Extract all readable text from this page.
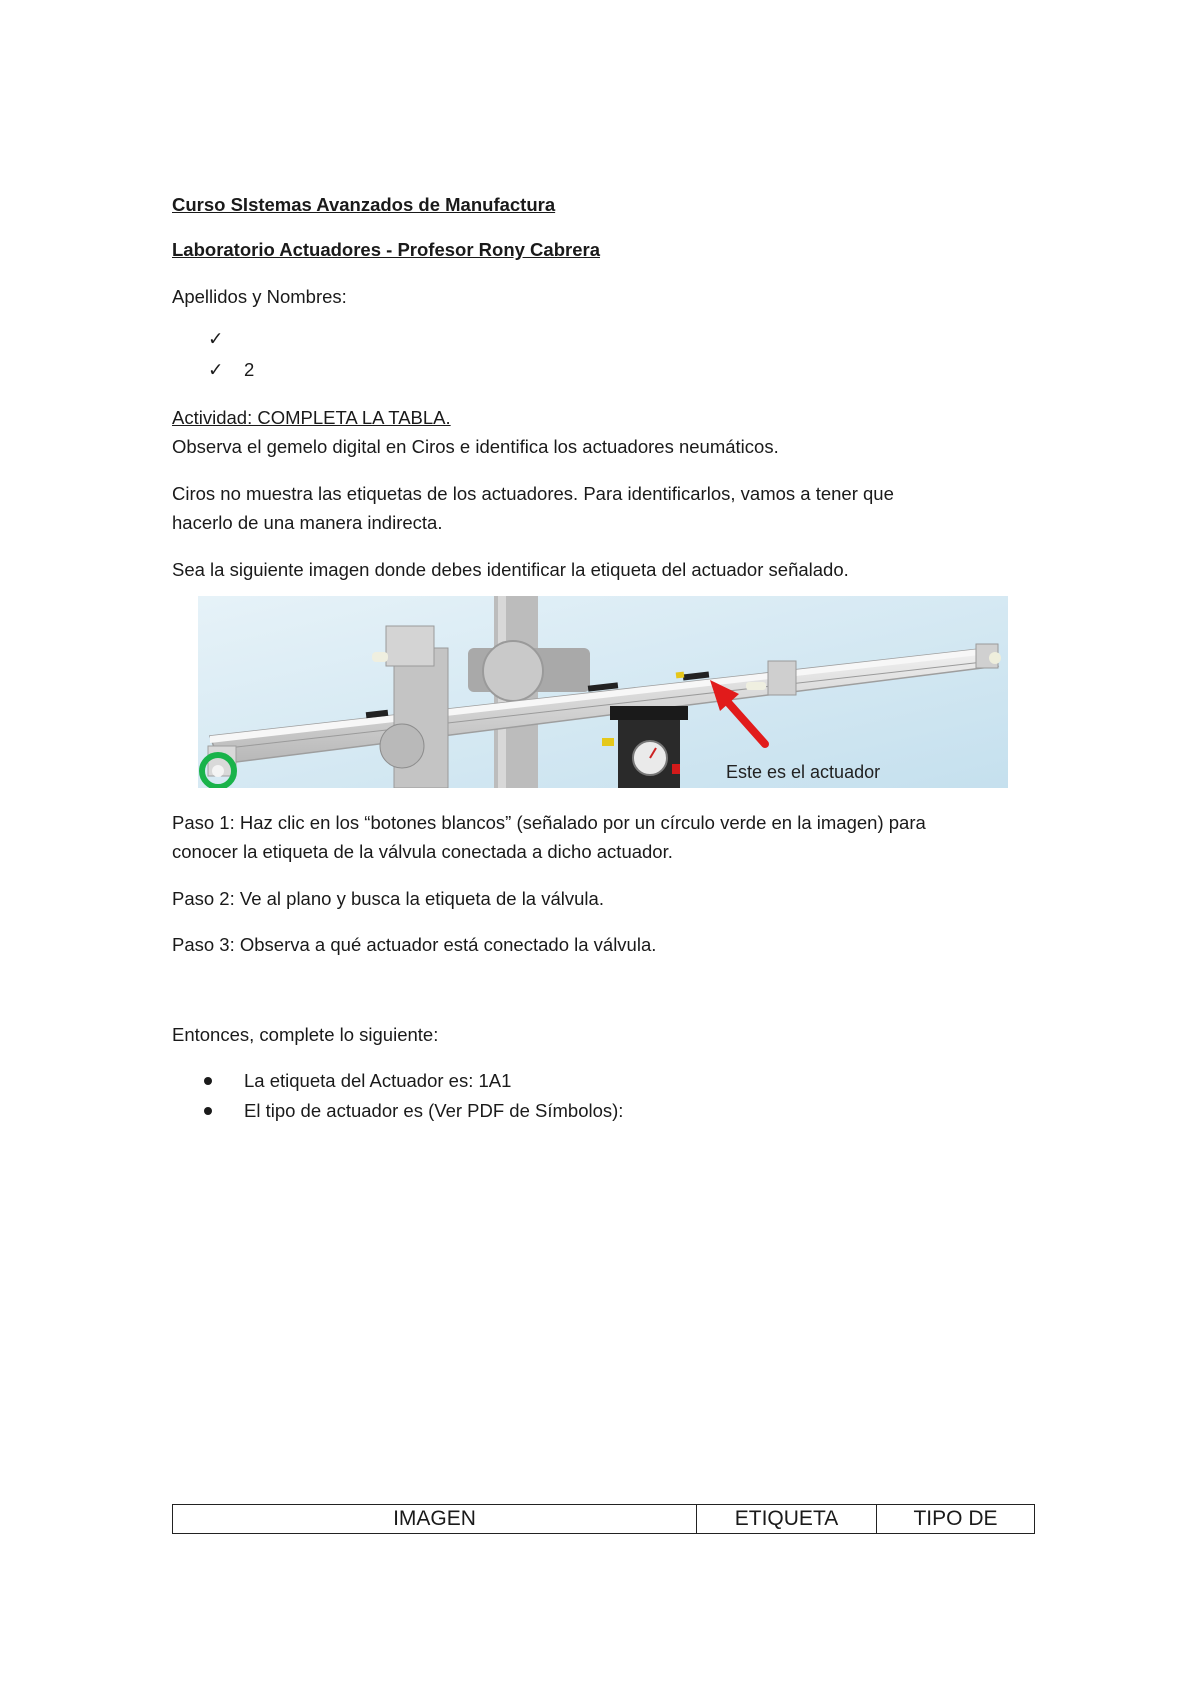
Curso SIstemas Avanzados de Manufactura
Laboratorio Actuadores - Profesor Rony Cabrera
Apellidos y Nombres:
✓
✓ 2
Actividad: COMPLETA LA TABLA.
Observa el gemelo digital en Ciros e identifica los actuadores neumáticos.
Ciros no muestra las etiquetas de los actuadores. Para identificarlos, vamos a tener que
hacerlo de una manera indirecta.
Sea la siguiente imagen donde debes identificar la etiqueta del actuador señalado.
Este es el actuador
Paso 1: Haz clic en los “botones blancos” (señalado por un círculo verde en la imagen) para
conocer la etiqueta de la válvula conectada a dicho actuador.
Paso 2: Ve al plano y busca la etiqueta de la válvula.
Paso 3: Observa a qué actuador está conectado la válvula.
Entonces, complete lo siguiente:
La etiqueta del Actuador es: 1A1
El tipo de actuador es (Ver PDF de Símbolos):
IMAGEN	ETIQUETA	TIPO DE
